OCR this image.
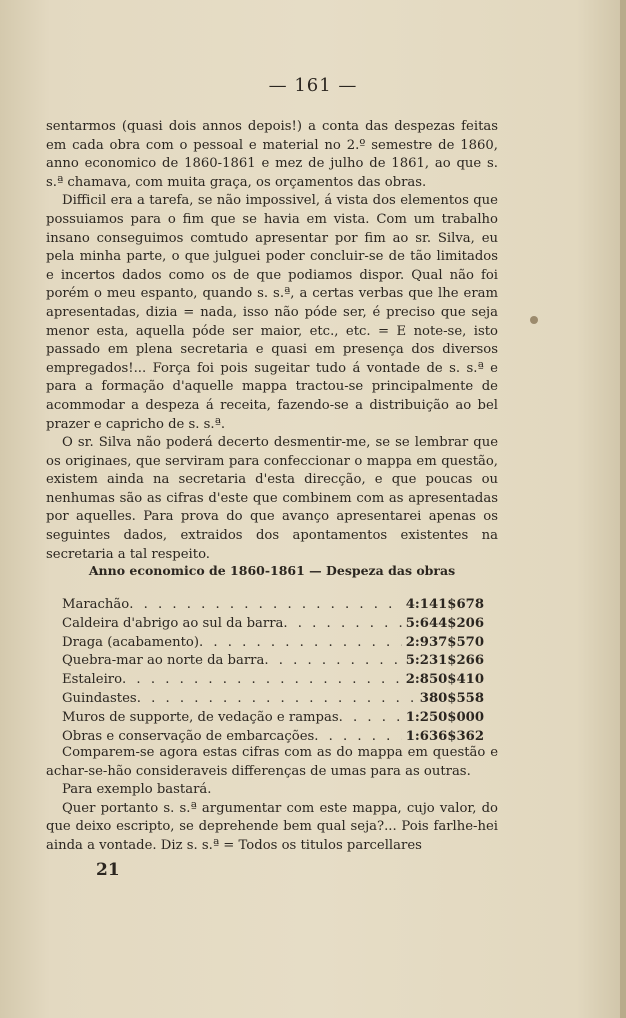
— 161 —

sentarmos (quasi dois annos depois!) a conta das despezas feitas em cada obra com o pessoal e material no 2.º semestre de 1860, anno economico de 1860-1861 e mez de julho de 1861, ao que s. s.ª chamava, com muita graça, os orçamentos das obras.

Difficil era a tarefa, se não impossivel, á vista dos elementos que possuiamos para o fim que se havia em vista. Com um trabalho insano conseguimos comtudo apresentar por fim ao sr. Silva, eu pela minha parte, o que julguei poder concluir-se de tão limitados e incertos dados como os de que podiamos dispor. Qual não foi porém o meu espanto, quando s. s.ª, a certas verbas que lhe eram apresentadas, dizia = nada, isso não póde ser, é preciso que seja menor esta, aquella póde ser maior, etc., etc. = E note-se, isto passado em plena secretaria e quasi em presença dos diversos empregados!... Força foi pois sugeitar tudo á vontade de s. s.ª e para a formação d'aquelle mappa tractou-se principalmente de acommodar a despeza á receita, fazendo-se a distribuição ao bel prazer e capricho de s. s.ª.

O sr. Silva não poderá decerto desmentir-me, se se lembrar que os originaes, que serviram para confeccionar o mappa em questão, existem ainda na secretaria d'esta direcção, e que poucas ou nenhumas são as cifras d'este que combinem com as apresentadas por aquelles. Para prova do que avanço apresentarei apenas os seguintes dados, extraidos dos apontamentos existentes na secretaria a tal respeito.

Anno economico de 1860-1861 — Despeza das obras
Marachão . . .	4:141$678
Caldeira d'abrigo ao sul da barra . . .	5:644$206
Draga (acabamento) . . .	2:937$570
Quebra-mar ao norte da barra . . .	5:231$266
Estaleiro . . .	2:850$410
Guindastes . . .	380$558
Muros de supporte, de vedação e rampas . . .	1:250$000
Obras e conservação de embarcações . . .	1:636$362

Comparem-se agora estas cifras com as do mappa em questão e achar-se-hão consideraveis differenças de umas para as outras.

Para exemplo bastará.

Quer portanto s. s.ª argumentar com este mappa, cujo valor, do que deixo escripto, se deprehende bem qual seja?... Pois farlhe-hei ainda a vontade. Diz s. s.ª = Todos os titulos parcellares

21
